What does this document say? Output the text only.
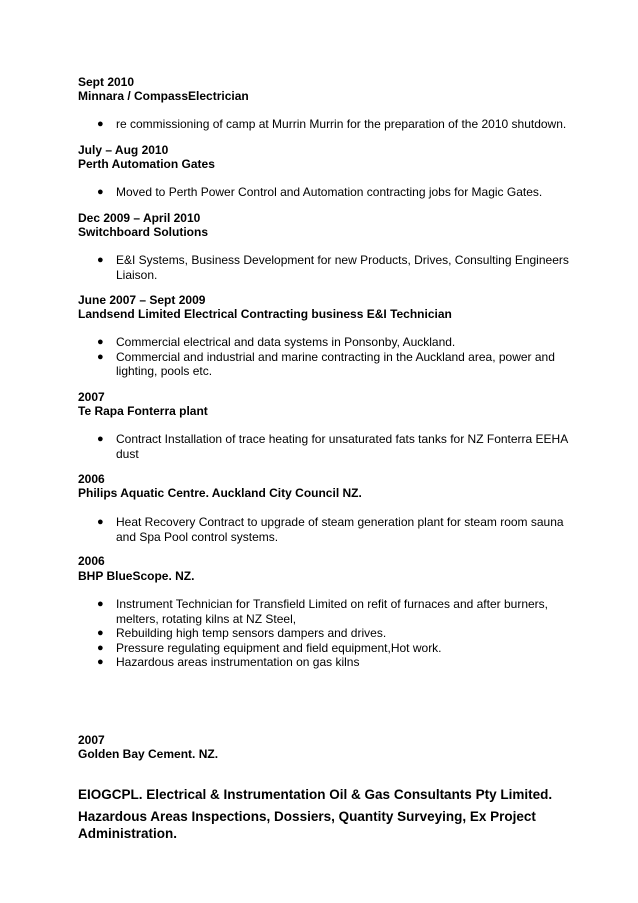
Sept 2010
Minnara / CompassElectrician
● re commissioning of camp at Murrin Murrin for the preparation of the 2010 shutdown.
July – Aug 2010
Perth Automation Gates
● Moved to Perth Power Control and Automation contracting jobs for Magic Gates.
Dec 2009 – April 2010
Switchboard Solutions
● E&I Systems, Business Development for new Products, Drives, Consulting Engineers Liaison.
June 2007 – Sept 2009
Landsend Limited Electrical Contracting business E&I Technician
● Commercial electrical and data systems in Ponsonby, Auckland.
● Commercial and industrial and marine contracting in the Auckland area, power and lighting, pools etc.
2007
Te Rapa Fonterra plant
● Contract Installation of trace heating for unsaturated fats tanks for NZ Fonterra EEHA dust
2006
Philips Aquatic Centre. Auckland City Council NZ.
● Heat Recovery Contract to upgrade of steam generation plant for steam room sauna and Spa Pool control systems.
2006
BHP BlueScope. NZ.
● Instrument Technician for Transfield Limited on refit of furnaces and after burners, melters, rotating kilns at NZ Steel,
● Rebuilding high temp sensors dampers and drives.
● Pressure regulating equipment and field equipment,Hot work.
● Hazardous areas instrumentation on gas kilns
2007
Golden Bay Cement. NZ.
EIOGCPL. Electrical & Instrumentation Oil & Gas Consultants Pty Limited.
Hazardous Areas Inspections, Dossiers, Quantity Surveying, Ex Project Administration.
